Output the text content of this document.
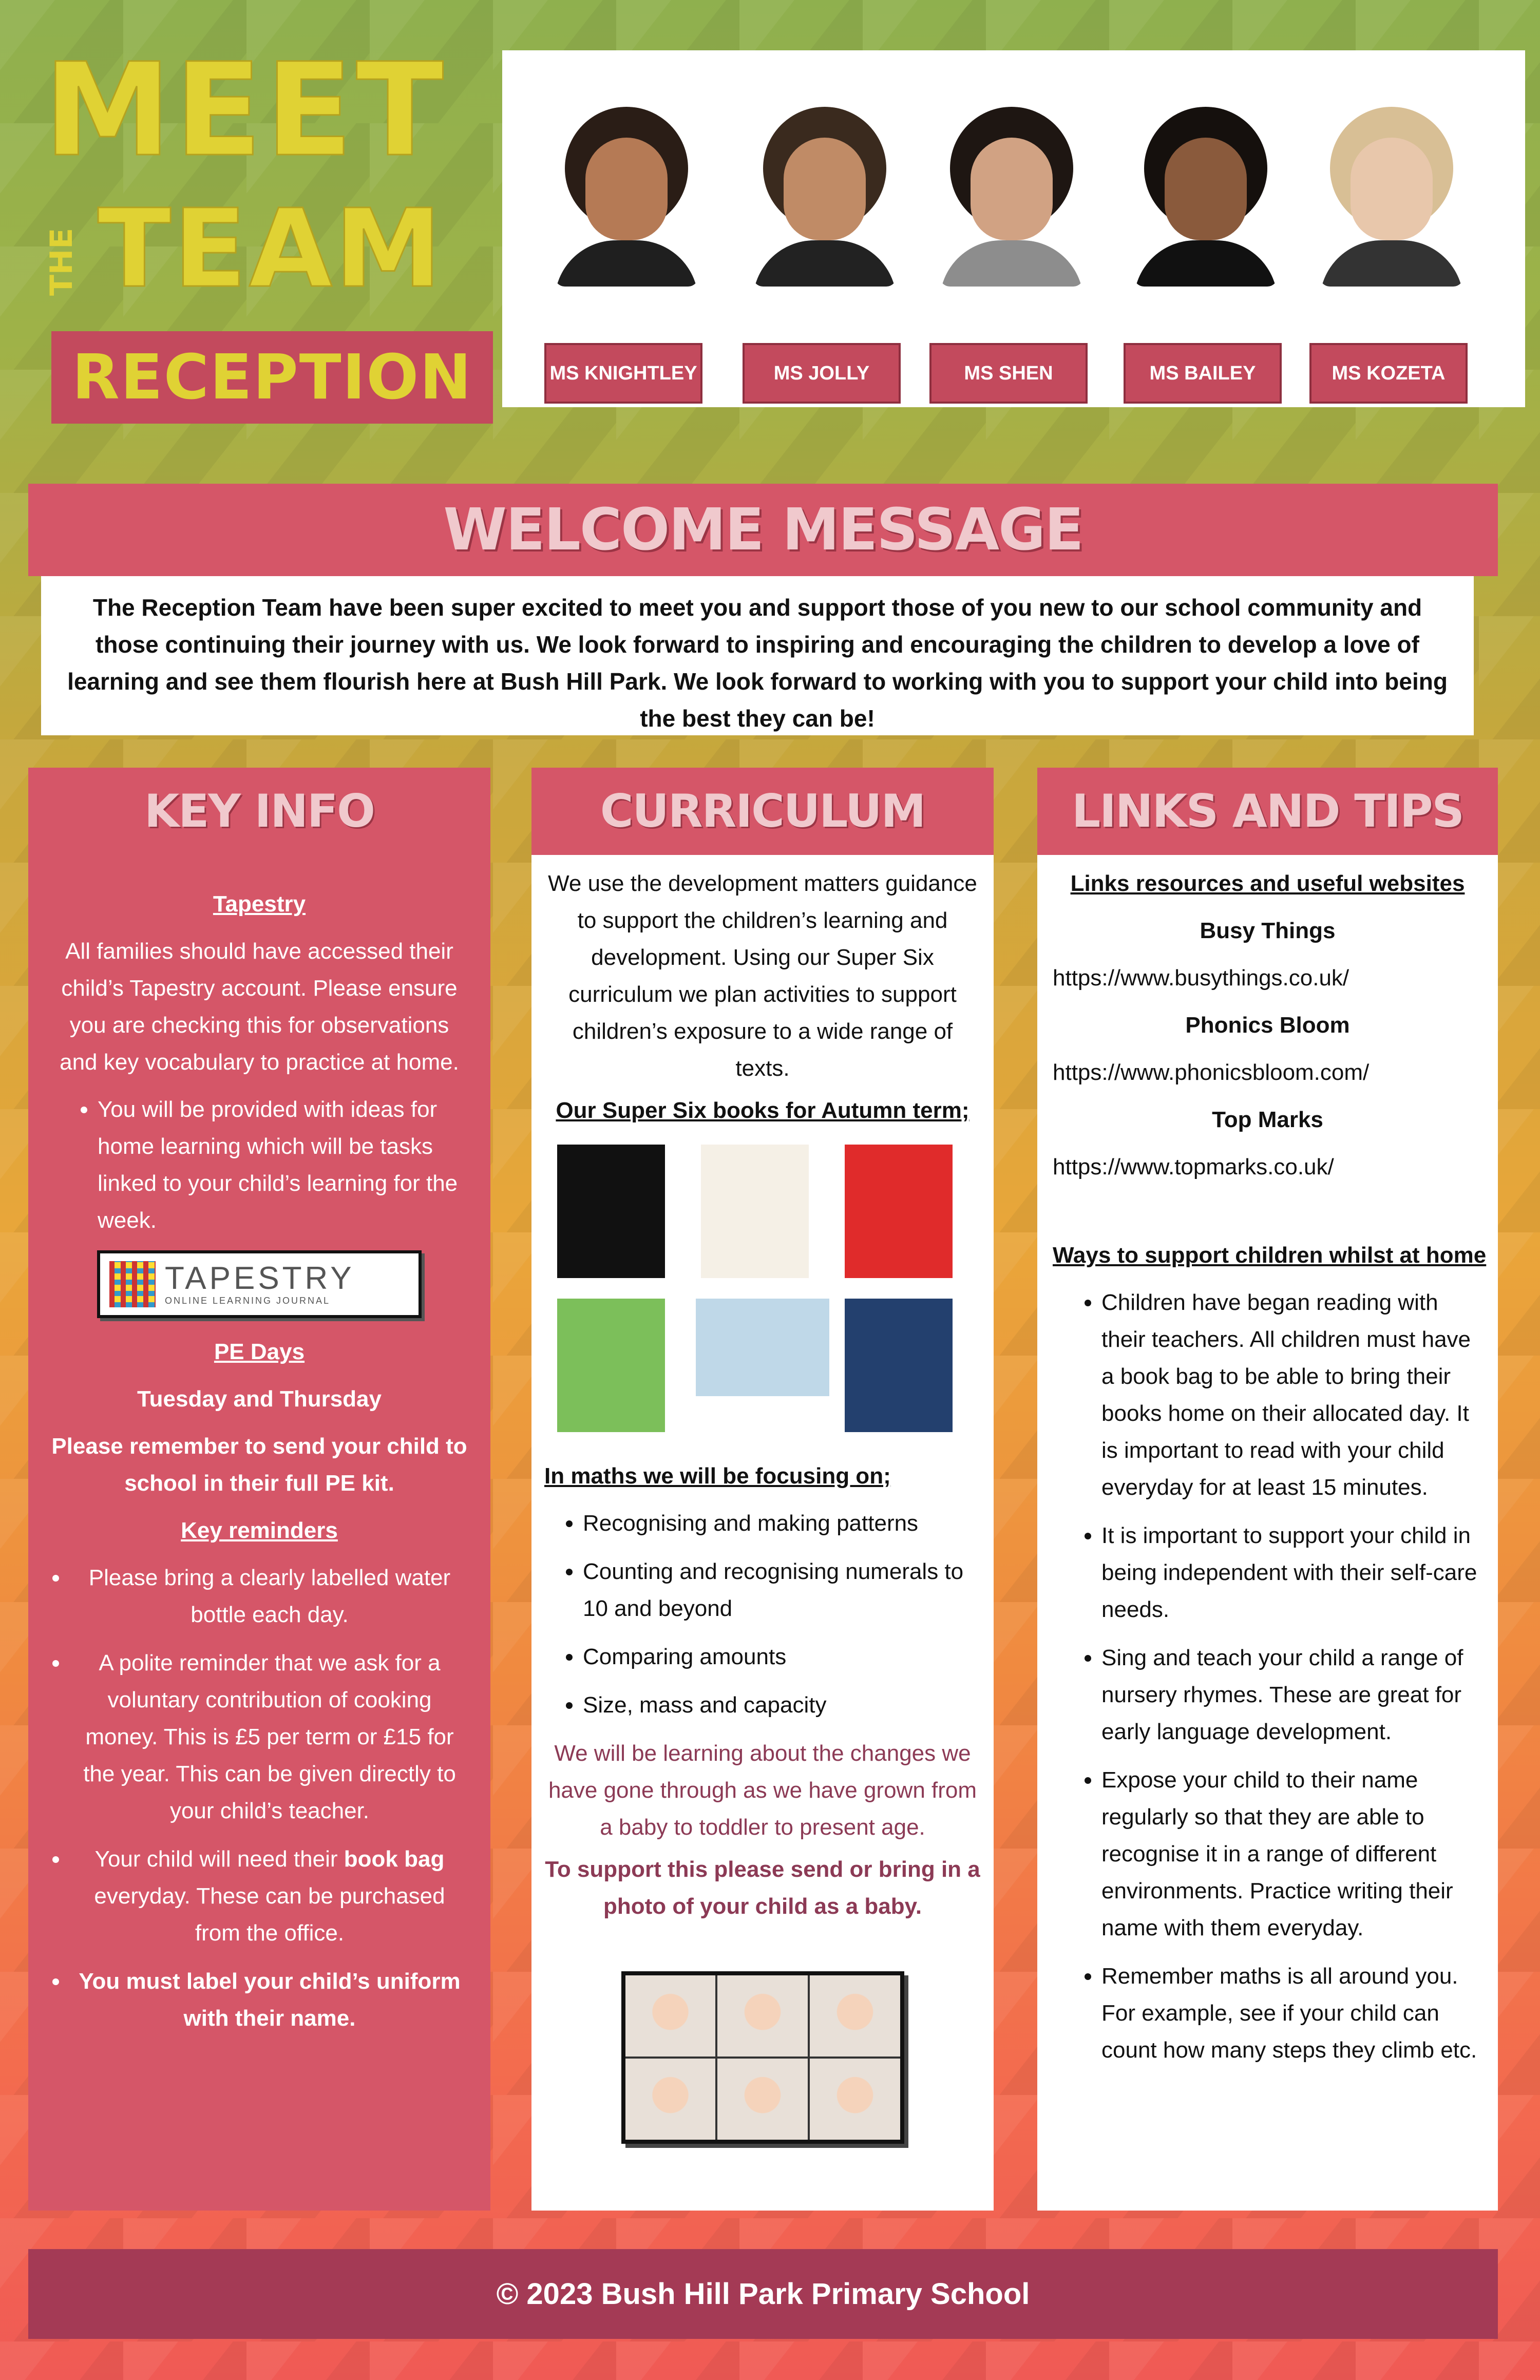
MEET
THE TEAM
RECEPTION	MS KNIGHTLEY	MS JOLLY	MS SHEN	MS BAILEY	MS KOZETA
WELCOME MESSAGE
The Reception Team have been super excited to meet you and support those of you new to our school community and those continuing their journey with us. We look forward to inspiring and encouraging the children to develop a love of learning and see them flourish here at Bush Hill Park. We look forward to working with you to support your child into being the best they can be!
KEY INFO
Tapestry
All families should have accessed their child’s Tapestry account. Please ensure you are checking this for observations and key vocabulary to practice at home.
• You will be provided with ideas for home learning which will be tasks linked to your child’s learning for the week.
TAPESTRY
ONLINE LEARNING JOURNAL
PE Days
Tuesday and Thursday
Please remember to send your child to school in their full PE kit.
Key reminders
• Please bring a clearly labelled water bottle each day.
• A polite reminder that we ask for a voluntary contribution of cooking money. This is £5 per term or £15 for the year. This can be given directly to your child’s teacher.
• Your child will need their book bag everyday. These can be purchased from the office.
• You must label your child’s uniform with their name.
CURRICULUM
We use the development matters guidance to support the children’s learning and development. Using our Super Six curriculum we plan activities to support children’s exposure to a wide range of texts.
Our Super Six books for Autumn term;
In maths we will be focusing on;
• Recognising and making patterns
• Counting and recognising numerals to 10 and beyond
• Comparing amounts
• Size, mass and capacity
We will be learning about the changes we have gone through as we have grown from a baby to toddler to present age.
To support this please send or bring in a photo of your child as a baby.
LINKS AND TIPS
Links resources and useful websites
Busy Things
https://www.busythings.co.uk/
Phonics Bloom
https://www.phonicsbloom.com/
Top Marks
https://www.topmarks.co.uk/
Ways to support children whilst at home
• Children have began reading with their teachers. All children must have a book bag to be able to bring their books home on their allocated day. It is important to read with your child everyday for at least 15 minutes.
• It is important to support your child in being independent with their self-care needs.
• Sing and teach your child a range of nursery rhymes. These are great for early language development.
• Expose your child to their name regularly so that they are able to recognise it in a range of different environments. Practice writing their name with them everyday.
• Remember maths is all around you. For example, see if your child can count how many steps they climb etc.
© 2023 Bush Hill Park Primary School
